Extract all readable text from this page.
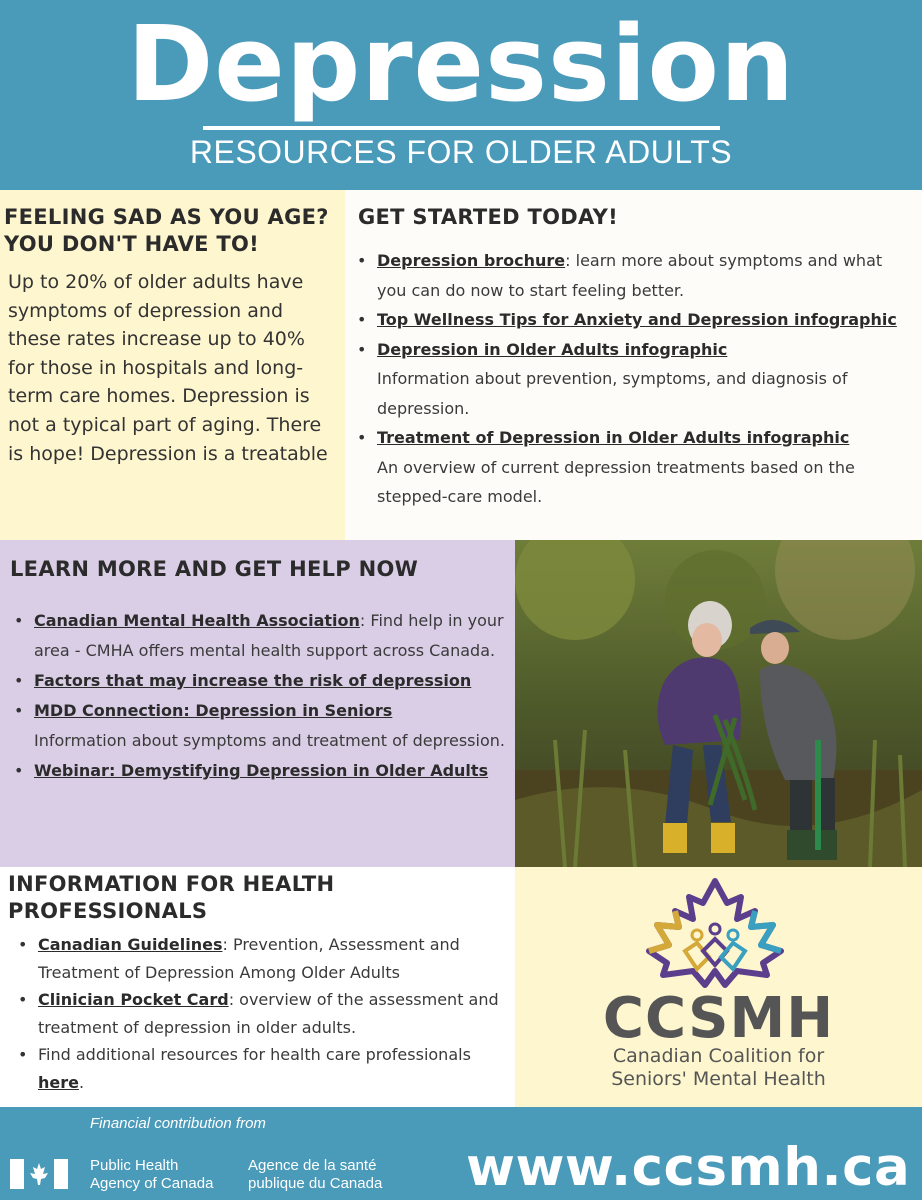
Depression
RESOURCES FOR OLDER ADULTS
FEELING SAD AS YOU AGE?
YOU DON'T HAVE TO!
Up to 20% of older adults have symptoms of depression and these rates increase up to 40% for those in hospitals and long-term care homes. Depression is not a typical part of aging. There is hope! Depression is a treatable
GET STARTED TODAY!
• Depression brochure: learn more about symptoms and what you can do now to start feeling better.
• Top Wellness Tips for Anxiety and Depression infographic
• Depression in Older Adults infographic
Information about prevention, symptoms, and diagnosis of depression.
• Treatment of Depression in Older Adults infographic
An overview of current depression treatments based on the stepped-care model.
LEARN MORE AND GET HELP NOW
• Canadian Mental Health Association: Find help in your area - CMHA offers mental health support across Canada.
• Factors that may increase the risk of depression
• MDD Connection: Depression in Seniors
Information about symptoms and treatment of depression.
• Webinar: Demystifying Depression in Older Adults
INFORMATION FOR HEALTH
PROFESSIONALS
• Canadian Guidelines: Prevention, Assessment and Treatment of Depression Among Older Adults
• Clinician Pocket Card: overview of the assessment and treatment of depression in older adults.
• Find additional resources for health care professionals here.
CCSMH
Canadian Coalition for
Seniors' Mental Health
Financial contribution from
Public Health
Agency of Canada
Agence de la santé
publique du Canada www.ccsmh.ca
